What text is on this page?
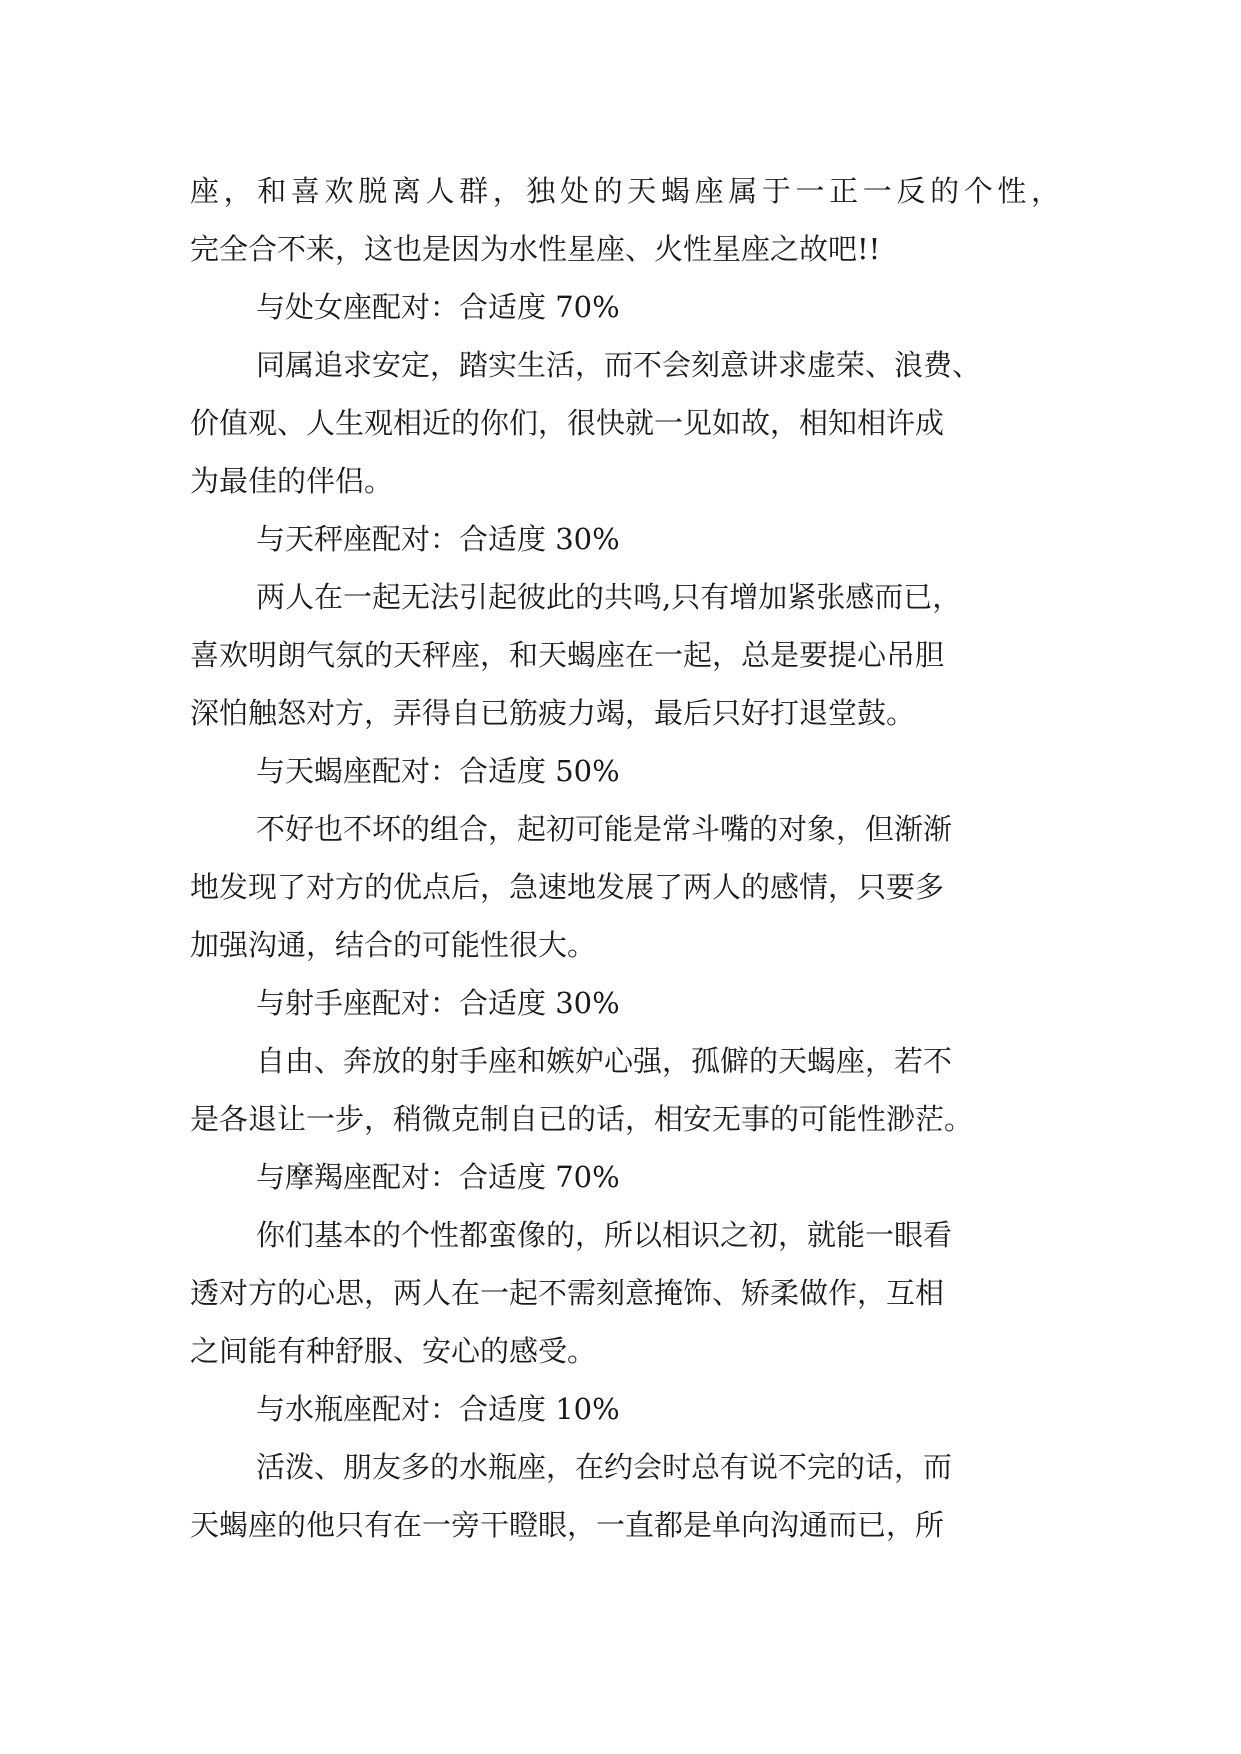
座，和喜欢脱离人群，独处的天蝎座属于一正一反的个性，
完全合不来，这也是因为水性星座、火性星座之故吧!!
与处女座配对：合适度 70%
同属追求安定，踏实生活，而不会刻意讲求虚荣、浪费、
价值观、人生观相近的你们，很快就一见如故，相知相许成
为最佳的伴侣。
与天秤座配对：合适度 30%
两人在一起无法引起彼此的共鸣,只有增加紧张感而已，
喜欢明朗气氛的天秤座，和天蝎座在一起，总是要提心吊胆
深怕触怒对方，弄得自已筋疲力竭，最后只好打退堂鼓。
与天蝎座配对：合适度 50%
不好也不坏的组合，起初可能是常斗嘴的对象，但渐渐
地发现了对方的优点后，急速地发展了两人的感情，只要多
加强沟通，结合的可能性很大。
与射手座配对：合适度 30%
自由、奔放的射手座和嫉妒心强，孤僻的天蝎座，若不
是各退让一步，稍微克制自已的话，相安无事的可能性渺茫。
与摩羯座配对：合适度 70%
你们基本的个性都蛮像的，所以相识之初，就能一眼看
透对方的心思，两人在一起不需刻意掩饰、矫柔做作，互相
之间能有种舒服、安心的感受。
与水瓶座配对：合适度 10%
活泼、朋友多的水瓶座，在约会时总有说不完的话，而
天蝎座的他只有在一旁干瞪眼，一直都是单向沟通而已，所
